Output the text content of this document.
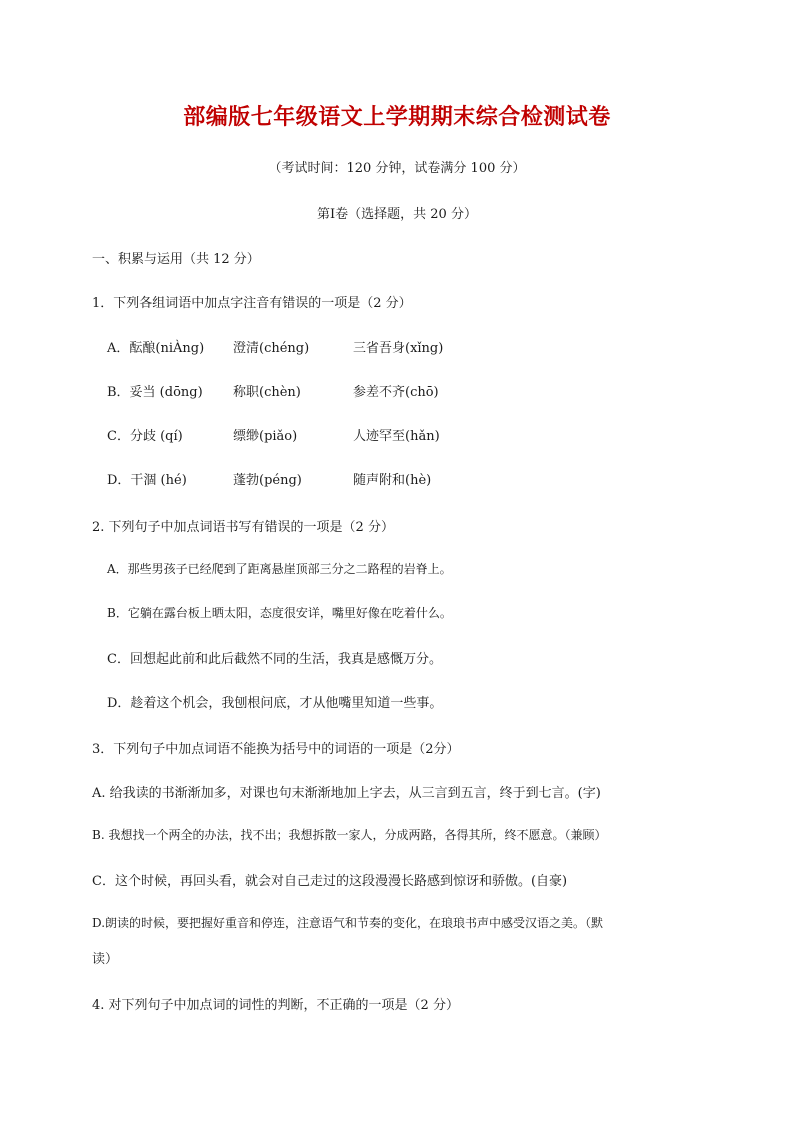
部编版七年级语文上学期期末综合检测试卷
（考试时间：120 分钟，试卷满分 100 分）
第Ⅰ卷（选择题，共 20 分）
一、积累与运用（共 12 分）
1．下列各组词语中加点字注音有错误的一项是（2 分）
A．酝酿(niÀng) 澄清(chéng)	三省吾身(xǐng)
B．妥当 (dōng) 称职(chèn)	参差不齐(chō)
C．分歧 (qí)	缥缈(piǎo)	人迹罕至(hǎn)
D．干涸 (hé)	蓬勃(péng)	随声附和(hè)
2. 下列句子中加点词语书写有错误的一项是（2 分）
A．那些男孩子已经爬到了距离悬崖顶部三分之二路程的岩脊上。
B．它躺在露台板上晒太阳，态度很安详，嘴里好像在吃着什么。
C．回想起此前和此后截然不同的生活，我真是感慨万分。
D．趁着这个机会，我刨根问底，才从他嘴里知道一些事。
3．下列句子中加点词语不能换为括号中的词语的一项是（2分）
A. 给我读的书渐渐加多，对课也句末渐渐地加上字去，从三言到五言，终于到七言。(字)
B. 我想找一个两全的办法，找不出；我想拆散一家人，分成两路，各得其所，终不愿意。（兼顾）
C．这个时候，再回头看，就会对自己走过的这段漫漫长路感到惊讶和骄傲。(自豪)
D.朗读的时候，要把握好重音和停连，注意语气和节奏的变化，在琅琅书声中感受汉语之美。（默
读）
4. 对下列句子中加点词的词性的判断，不正确的一项是（2 分）
